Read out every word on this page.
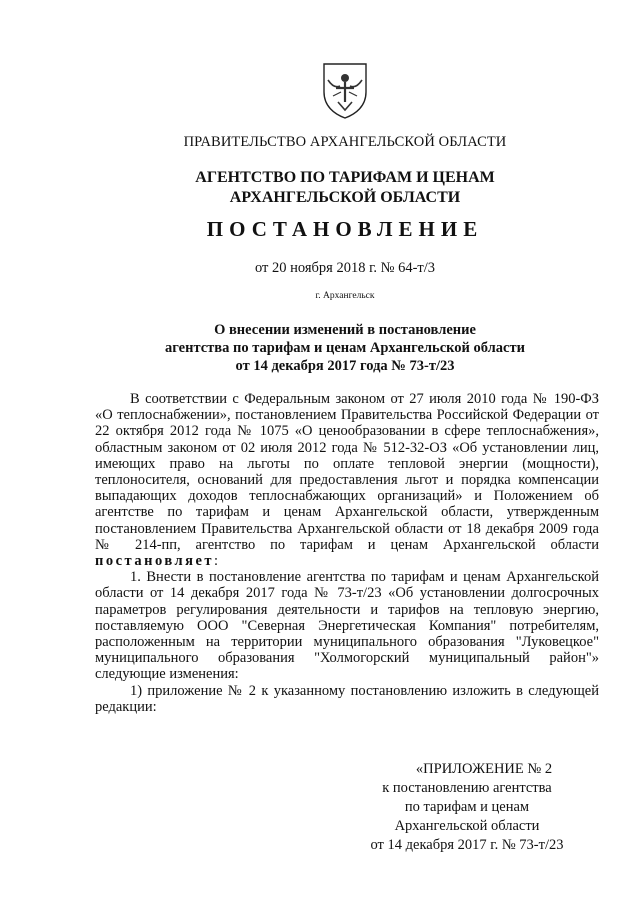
ПРАВИТЕЛЬСТВО АРХАНГЕЛЬСКОЙ ОБЛАСТИ
АГЕНТСТВО ПО ТАРИФАМ И ЦЕНАМ
АРХАНГЕЛЬСКОЙ ОБЛАСТИ
ПОСТАНОВЛЕНИЕ
от 20 ноября 2018 г. № 64-т/3
г. Архангельск
О внесении изменений в постановление
агентства по тарифам и ценам Архангельской области
от 14 декабря 2017 года № 73-т/23

В соответствии с Федеральным законом от 27 июля 2010 года № 190-ФЗ «О теплоснабжении», постановлением Правительства Российской Федерации от 22 октября 2012 года № 1075 «О ценообразовании в сфере теплоснабжения», областным законом от 02 июля 2012 года № 512-32-ОЗ «Об установлении лиц, имеющих право на льготы по оплате тепловой энергии (мощности), теплоносителя, оснований для предоставления льгот и порядка компенсации выпадающих доходов теплоснабжающих организаций» и Положением об агентстве по тарифам и ценам Архангельской области, утвержденным постановлением Правительства Архангельской области от 18 декабря 2009 года № 214-пп, агентство по тарифам и ценам Архангельской области постановляет:

1. Внести в постановление агентства по тарифам и ценам Архангельской области от 14 декабря 2017 года № 73-т/23 «Об установлении долгосрочных параметров регулирования деятельности и тарифов на тепловую энергию, поставляемую ООО "Северная Энергетическая Компания" потребителям, расположенным на территории муниципального образования "Луковецкое" муниципального образования "Холмогорский муниципальный район"» следующие изменения:

1) приложение № 2 к указанному постановлению изложить в следующей редакции:

«ПРИЛОЖЕНИЕ № 2
к постановлению агентства
по тарифам и ценам
Архангельской области
от 14 декабря 2017 г. № 73-т/23
